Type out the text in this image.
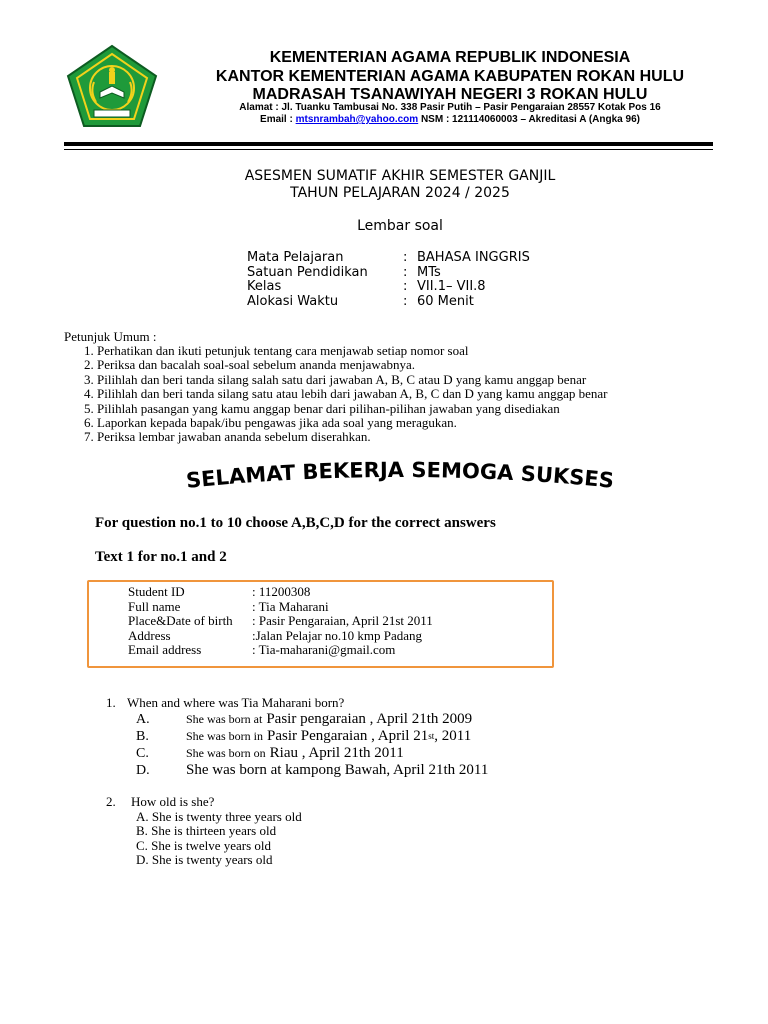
KEMENTERIAN AGAMA REPUBLIK INDONESIA
KANTOR KEMENTERIAN AGAMA KABUPATEN ROKAN HULU
MADRASAH TSANAWIYAH NEGERI 3 ROKAN HULU
Alamat : Jl. Tuanku Tambusai No. 338 Pasir Putih – Pasir Pengaraian 28557 Kotak Pos 16
Email : mtsnrambah@yahoo.com NSM : 121114060003 – Akreditasi A (Angka 96)
ASESMEN SUMATIF AKHIR SEMESTER GANJIL
TAHUN PELAJARAN 2024 / 2025
Lembar soal
Mata Pelajaran	: BAHASA INGGRIS
Satuan Pendidikan	: MTs
Kelas	: VII.1– VII.8
Alokasi Waktu	: 60 Menit
Petunjuk Umum :
1. Perhatikan dan ikuti petunjuk tentang cara menjawab setiap nomor soal
2. Periksa dan bacalah soal-soal sebelum ananda menjawabnya.
3. Pilihlah dan beri tanda silang salah satu dari jawaban A, B, C atau D yang kamu anggap benar
4. Pilihlah dan beri tanda silang satu atau lebih dari jawaban A, B, C dan D yang kamu anggap benar
5. Pilihlah pasangan yang kamu anggap benar dari pilihan-pilihan jawaban yang disediakan
6. Laporkan kepada bapak/ibu pengawas jika ada soal yang meragukan.
7. Periksa lembar jawaban ananda sebelum diserahkan.
SELAMAT BEKERJA SEMOGA SUKSES
For question no.1 to 10 choose A,B,C,D for the correct answers
Text 1 for no.1 and 2
Student ID	: 11200308
Full name	: Tia Maharani
Place&Date of birth	: Pasir Pengaraian, April 21st 2011
Address	:Jalan Pelajar no.10 kmp Padang
Email address	: Tia-maharani@gmail.com
1. When and where was Tia Maharani born?
A.	She was born at
Pasir pengaraian , April 21th 2009
B.	She was born in
Pasir Pengaraian , April 21 st , 2011
C.	She was born on
Riau , April 21th 2011
D.	She was born at kampong Bawah, April 21th 2011
2. How old is she?
A. She is twenty three years old
B. She is thirteen years old
C. She is twelve years old
D. She is twenty years old
